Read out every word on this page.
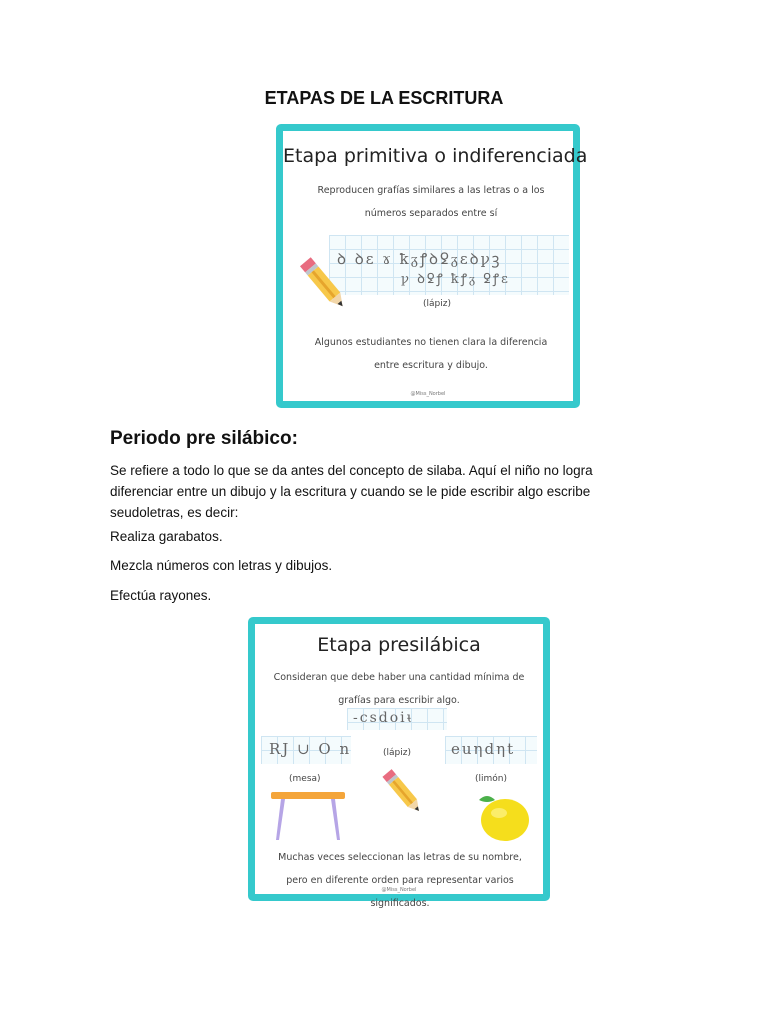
ETAPAS DE LA ESCRITURA
Etapa primitiva o indiferenciada
Reproducen grafías similares a las letras o a los números separados entre sí
ꝺ ꝺɛ ɤ ꝁᵹꝭꝺꝿᵹɛꝺꝩꝫ
ꝩ ꝺꝿꝭ ꝁꝭᵹ ꝿꝭɛ
(lápiz)
Algunos estudiantes no tienen clara la diferencia entre escritura y dibujo.
@Miss_Norbel
Periodo pre silábico:
Se refiere a todo lo que se da antes del concepto de silaba. Aquí el niño no logra diferenciar entre un dibujo y la escritura y cuando se le pide escribir algo escribe seudoletras, es decir:
Realiza garabatos.
Mezcla números con letras y dibujos.
Efectúa rayones.
Etapa presilábica
Consideran que debe haber una cantidad mínima de grafías para escribir algo.
-csdoiᵼ
RJ ∪ O n	euηdηt
(lápiz)
(mesa)	(limón)
Muchas veces seleccionan las letras de su nombre, pero en diferente orden para representar varios significados.
@Miss_Norbel
